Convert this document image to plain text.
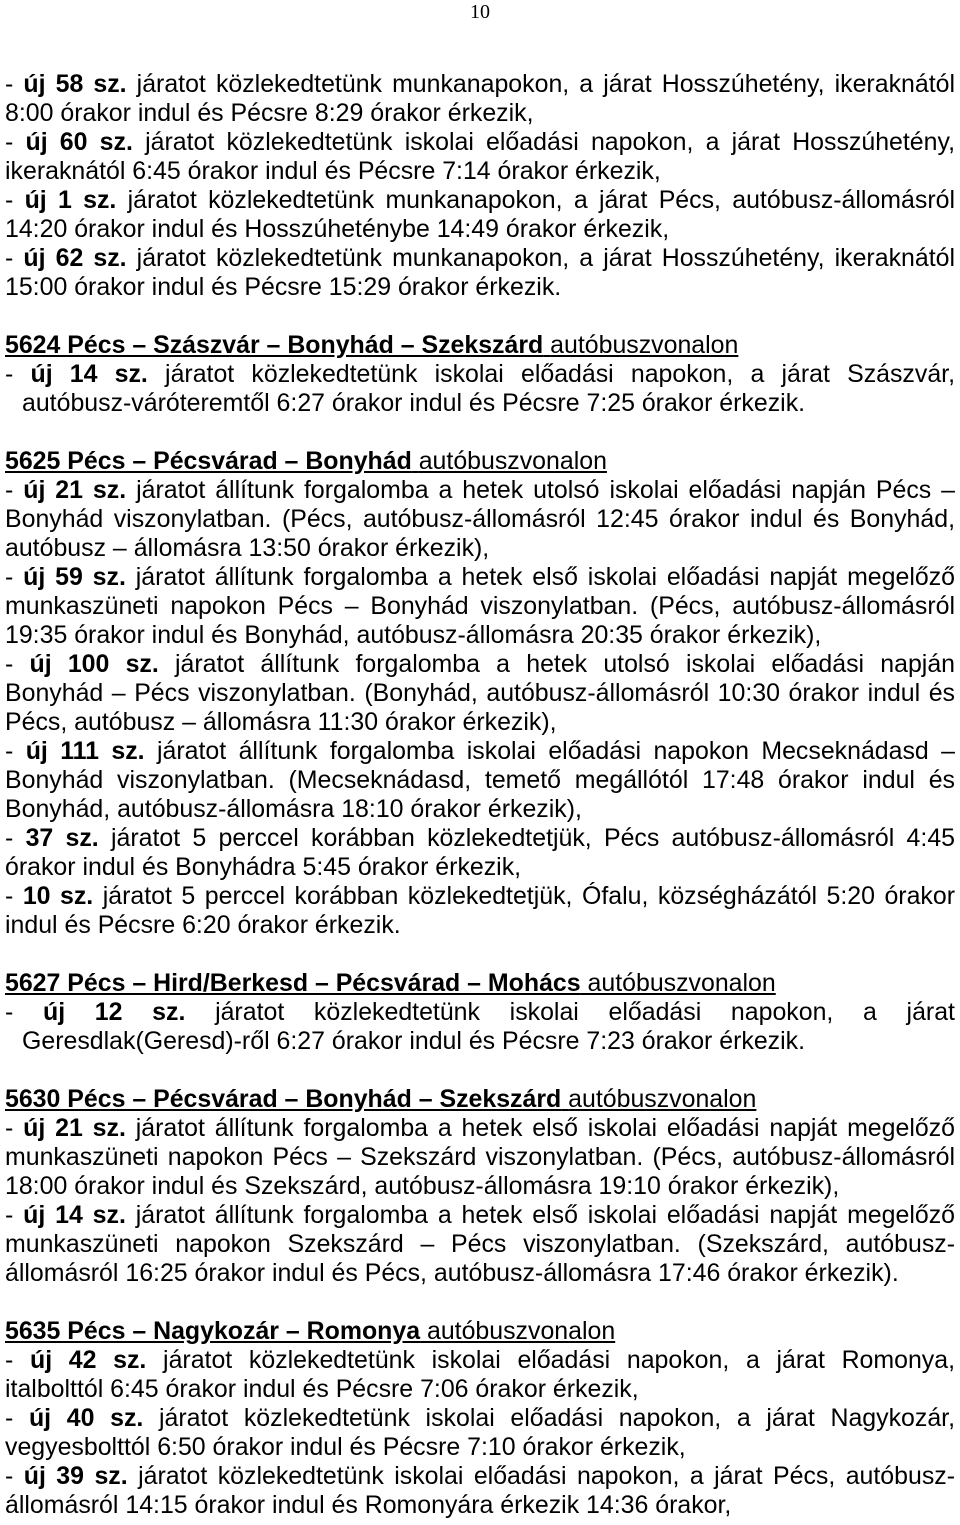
10
- új 58 sz. járatot közlekedtetünk munkanapokon, a járat Hosszúhetény, ikeraknától
8:00 órakor indul és Pécsre 8:29 órakor érkezik,
- új 60 sz. járatot közlekedtetünk iskolai előadási napokon, a járat Hosszúhetény,
ikeraknától 6:45 órakor indul és Pécsre 7:14 órakor érkezik,
- új 1 sz. járatot közlekedtetünk munkanapokon, a járat Pécs, autóbusz-állomásról
14:20 órakor indul és Hosszúheténybe 14:49 órakor érkezik,
- új 62 sz. járatot közlekedtetünk munkanapokon, a járat Hosszúhetény, ikeraknától
15:00 órakor indul és Pécsre 15:29 órakor érkezik.
5624 Pécs – Szászvár – Bonyhád – Szekszárd autóbuszvonalon
- új 14 sz. járatot közlekedtetünk iskolai előadási napokon, a járat Szászvár,
autóbusz-váróteremtől 6:27 órakor indul és Pécsre 7:25 órakor érkezik.
5625 Pécs – Pécsvárad – Bonyhád autóbuszvonalon
- új 21 sz. járatot állítunk forgalomba a hetek utolsó iskolai előadási napján Pécs –
Bonyhád viszonylatban. (Pécs, autóbusz-állomásról 12:45 órakor indul és Bonyhád,
autóbusz – állomásra 13:50 órakor érkezik),
- új 59 sz. járatot állítunk forgalomba a hetek első iskolai előadási napját megelőző
munkaszüneti napokon Pécs – Bonyhád viszonylatban. (Pécs, autóbusz-állomásról
19:35 órakor indul és Bonyhád, autóbusz-állomásra 20:35 órakor érkezik),
- új 100 sz. járatot állítunk forgalomba a hetek utolsó iskolai előadási napján
Bonyhád – Pécs viszonylatban. (Bonyhád, autóbusz-állomásról 10:30 órakor indul és
Pécs, autóbusz – állomásra 11:30 órakor érkezik),
- új 111 sz. járatot állítunk forgalomba iskolai előadási napokon Mecseknádasd –
Bonyhád viszonylatban. (Mecseknádasd, temető megállótól 17:48 órakor indul és
Bonyhád, autóbusz-állomásra 18:10 órakor érkezik),
- 37 sz. járatot 5 perccel korábban közlekedtetjük, Pécs autóbusz-állomásról 4:45
órakor indul és Bonyhádra 5:45 órakor érkezik,
- 10 sz. járatot 5 perccel korábban közlekedtetjük, Ófalu, községházától 5:20 órakor
indul és Pécsre 6:20 órakor érkezik.
5627 Pécs – Hird/Berkesd – Pécsvárad – Mohács autóbuszvonalon
- új 12 sz. járatot közlekedtetünk iskolai előadási napokon, a járat
Geresdlak(Geresd)-ről 6:27 órakor indul és Pécsre 7:23 órakor érkezik.
5630 Pécs – Pécsvárad – Bonyhád – Szekszárd autóbuszvonalon
- új 21 sz. járatot állítunk forgalomba a hetek első iskolai előadási napját megelőző
munkaszüneti napokon Pécs – Szekszárd viszonylatban. (Pécs, autóbusz-állomásról
18:00 órakor indul és Szekszárd, autóbusz-állomásra 19:10 órakor érkezik),
- új 14 sz. járatot állítunk forgalomba a hetek első iskolai előadási napját megelőző
munkaszüneti napokon Szekszárd – Pécs viszonylatban. (Szekszárd, autóbusz-
állomásról 16:25 órakor indul és Pécs, autóbusz-állomásra 17:46 órakor érkezik).
5635 Pécs – Nagykozár – Romonya autóbuszvonalon
- új 42 sz. járatot közlekedtetünk iskolai előadási napokon, a járat Romonya,
italbolttól 6:45 órakor indul és Pécsre 7:06 órakor érkezik,
- új 40 sz. járatot közlekedtetünk iskolai előadási napokon, a járat Nagykozár,
vegyesbolttól 6:50 órakor indul és Pécsre 7:10 órakor érkezik,
- új 39 sz. járatot közlekedtetünk iskolai előadási napokon, a járat Pécs, autóbusz-
állomásról 14:15 órakor indul és Romonyára érkezik 14:36 órakor,
